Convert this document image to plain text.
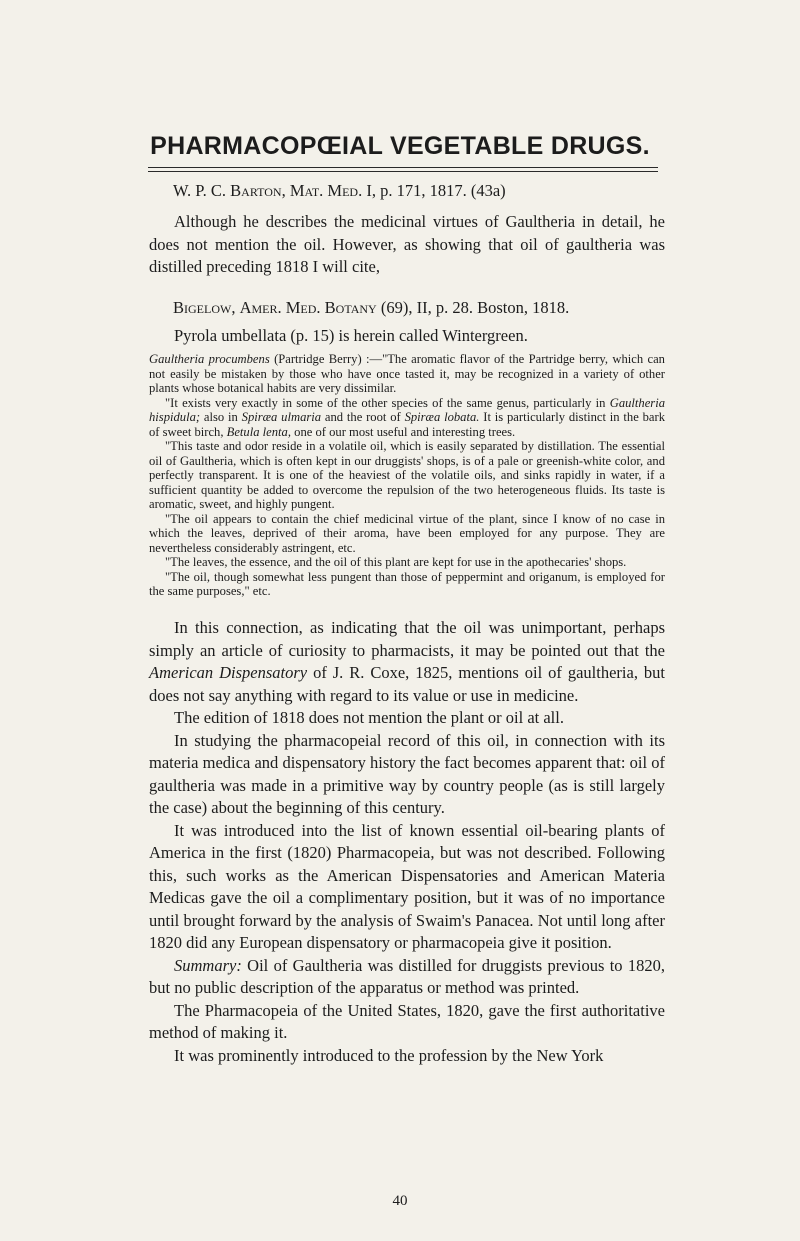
PHARMACOPŒIAL VEGETABLE DRUGS.
W. P. C. Barton, Mat. Med. I, p. 171, 1817. (43a)

Although he describes the medicinal virtues of Gaultheria in detail, he does not mention the oil. However, as showing that oil of gaultheria was distilled preceding 1818 I will cite,

Bigelow, Amer. Med. Botany (69), II, p. 28. Boston, 1818.

Pyrola umbellata (p. 15) is herein called Wintergreen.

Gaultheria procumbens (Partridge Berry) :—"The aromatic flavor of the Partridge berry, which can not easily be mistaken by those who have once tasted it, may be recognized in a variety of other plants whose botanical habits are very dissimilar.

"It exists very exactly in some of the other species of the same genus, particularly in Gaultheria hispidula; also in Spiræa ulmaria and the root of Spiræa lobata. It is particularly distinct in the bark of sweet birch, Betula lenta, one of our most useful and interesting trees.

"This taste and odor reside in a volatile oil, which is easily separated by distillation. The essential oil of Gaultheria, which is often kept in our druggists' shops, is of a pale or greenish-white color, and perfectly transparent. It is one of the heaviest of the volatile oils, and sinks rapidly in water, if a sufficient quantity be added to overcome the repulsion of the two heterogeneous fluids. Its taste is aromatic, sweet, and highly pungent.

"The oil appears to contain the chief medicinal virtue of the plant, since I know of no case in which the leaves, deprived of their aroma, have been employed for any purpose. They are nevertheless considerably astringent, etc.

"The leaves, the essence, and the oil of this plant are kept for use in the apothecaries' shops.

"The oil, though somewhat less pungent than those of peppermint and origanum, is employed for the same purposes," etc.

In this connection, as indicating that the oil was unimportant, perhaps simply an article of curiosity to pharmacists, it may be pointed out that the American Dispensatory of J. R. Coxe, 1825, mentions oil of gaultheria, but does not say anything with regard to its value or use in medicine.

The edition of 1818 does not mention the plant or oil at all.

In studying the pharmacopeial record of this oil, in connection with its materia medica and dispensatory history the fact becomes apparent that: oil of gaultheria was made in a primitive way by country people (as is still largely the case) about the beginning of this century.

It was introduced into the list of known essential oil-bearing plants of America in the first (1820) Pharmacopeia, but was not described. Following this, such works as the American Dispensatories and American Materia Medicas gave the oil a complimentary position, but it was of no importance until brought forward by the analysis of Swaim's Panacea. Not until long after 1820 did any European dispensatory or pharmacopeia give it position.

Summary: Oil of Gaultheria was distilled for druggists previous to 1820, but no public description of the apparatus or method was printed.

The Pharmacopeia of the United States, 1820, gave the first authoritative method of making it.

It was prominently introduced to the profession by the New York

40
